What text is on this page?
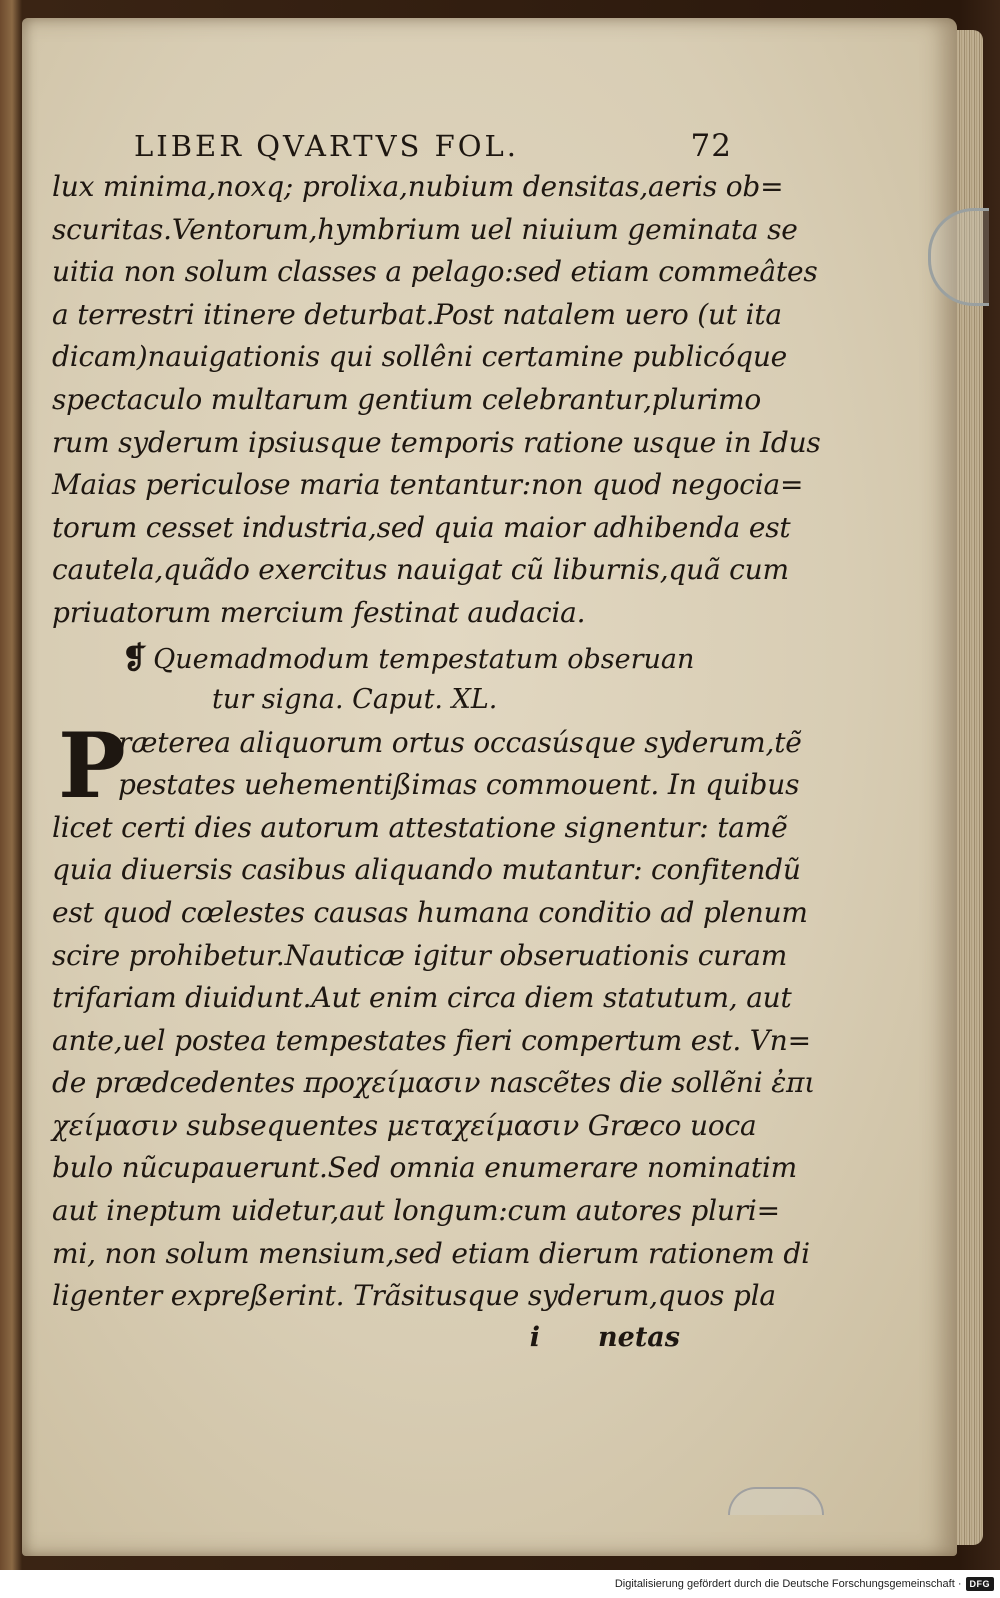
LIBER QVARTVS FOL.	72
lux minima,noxq; prolixa,nubium densitas,aeris ob=
scuritas.Ventorum,hymbrium uel niuium geminata se
uitia non solum classes a pelago:sed etiam commeâtes
a terrestri itinere deturbat.Post natalem uero (ut ita
dicam)nauigationis qui sollêni certamine publicóque
spectaculo multarum gentium celebrantur,plurimo
rum syderum ipsiusque temporis ratione usque in Idus
Maias periculose maria tentantur:non quod negocia=
torum cesset industria,sed quia maior adhibenda est
cautela,quãdo exercitus nauigat cũ liburnis,quã cum
priuatorum mercium festinat audacia.
❡ Quemadmodum tempestatum obseruan
tur signa. Caput. XL.
P
ræterea aliquorum ortus occasúsque syderum,tẽ
pestates uehementißimas commouent. In quibus
licet certi dies autorum attestatione signentur: tamẽ
quia diuersis casibus aliquando mutantur: confitendũ
est quod cœlestes causas humana conditio ad plenum
scire prohibetur.Nauticæ igitur obseruationis curam
trifariam diuidunt.Aut enim circa diem statutum, aut
ante,uel postea tempestates fieri compertum est. Vn=
de prædcedentes προχείμασιν nascẽtes die sollẽni ἐπι
χείμασιν subsequentes μεταχείμασιν Græco uoca
bulo nũcupauerunt.Sed omnia enumerare nominatim
aut ineptum uidetur,aut longum:cum autores pluri=
mi, non solum mensium,sed etiam dierum rationem di
ligenter expreßerint. Trãsitusque syderum,quos pla
i netas
Digitalisierung gefördert durch die Deutsche Forschungsgemeinschaft · DFG
